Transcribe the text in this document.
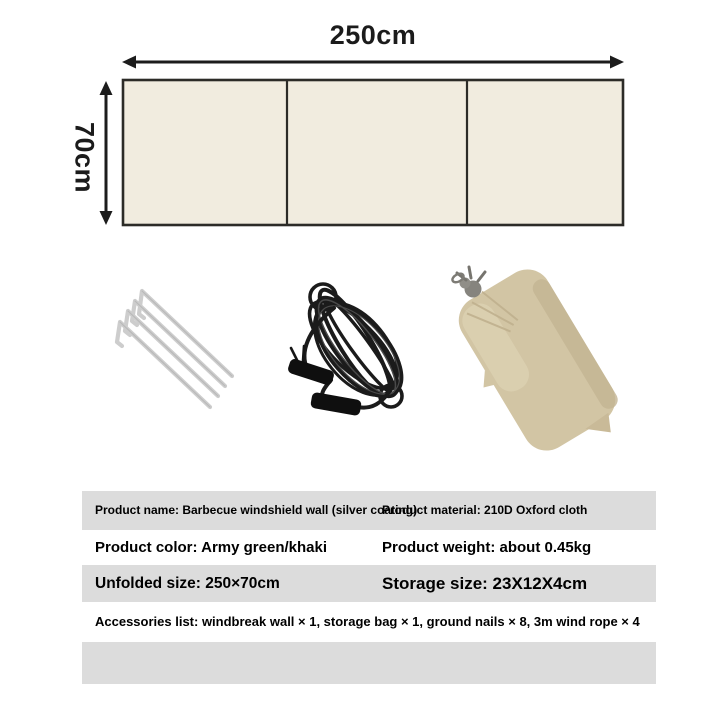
250cm
70cm
Product name: Barbecue windshield wall (silver coating)
Product material: 210D Oxford cloth
Product color: Army green/khaki	Product weight: about 0.45kg
Unfolded size: 250×70cm	Storage size: 23X12X4cm
Accessories list: windbreak wall × 1, storage bag × 1, ground nails × 8, 3m wind rope × 4
